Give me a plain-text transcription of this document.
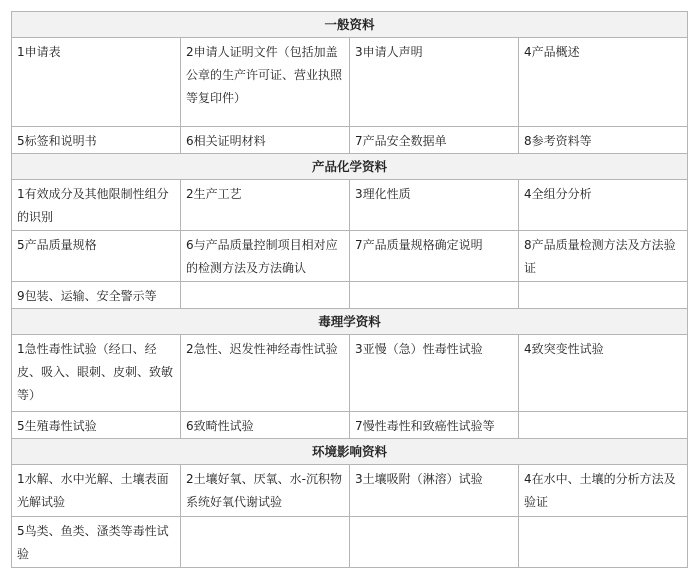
一般资料			
1申请表	2申请人证明文件（包括加盖公章的生产许可证、营业执照等复印件）	3申请人声明	4产品概述
5标签和说明书	6相关证明材料	7产品安全数据单	8参考资料等
产品化学资料			
1有效成分及其他限制性组分的识别	2生产工艺	3理化性质	4全组分分析
5产品质量规格	6与产品质量控制项目相对应的检测方法及方法确认	7产品质量规格确定说明	8产品质量检测方法及方法验证
9包装、运输、安全警示等			
毒理学资料			
1急性毒性试验（经口、经皮、吸入、眼刺、皮刺、致敏等）	2急性、迟发性神经毒性试验	3亚慢（急）性毒性试验	4致突变性试验
5生殖毒性试验	6致畸性试验	7慢性毒性和致癌性试验等	
环境影响资料			
1水解、水中光解、土壤表面光解试验	2土壤好氧、厌氧、水-沉积物系统好氧代谢试验	3土壤吸附（淋溶）试验	4在水中、土壤的分析方法及验证
5鸟类、鱼类、溞类等毒性试验			
